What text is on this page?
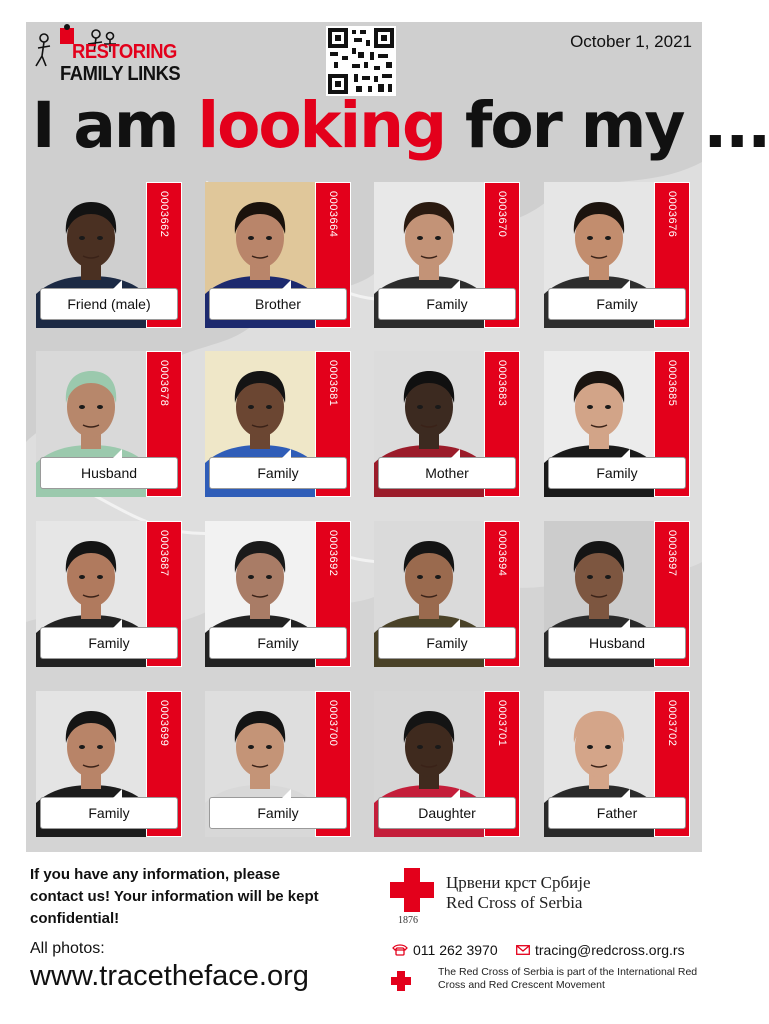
RESTORING
FAMILY LINKS
October 1, 2021
I am looking for my ...
0003662
Friend (male)
0003664
Brother
0003670
Family
0003676
Family
0003678
Husband
0003681
Family
0003683
Mother
0003685
Family
0003687
Family
0003692
Family
0003694
Family
0003697
Husband
0003699
Family
0003700
Family
0003701
Daughter
0003702
Father
If you have any information, please contact us! Your information will be kept confidential!
All photos:
www.tracetheface.org
1876
Црвени крст Србије
Red Cross of Serbia
011 262 3970	tracing@redcross.org.rs
The Red Cross of Serbia is part of the International Red Cross and Red Crescent Movement
